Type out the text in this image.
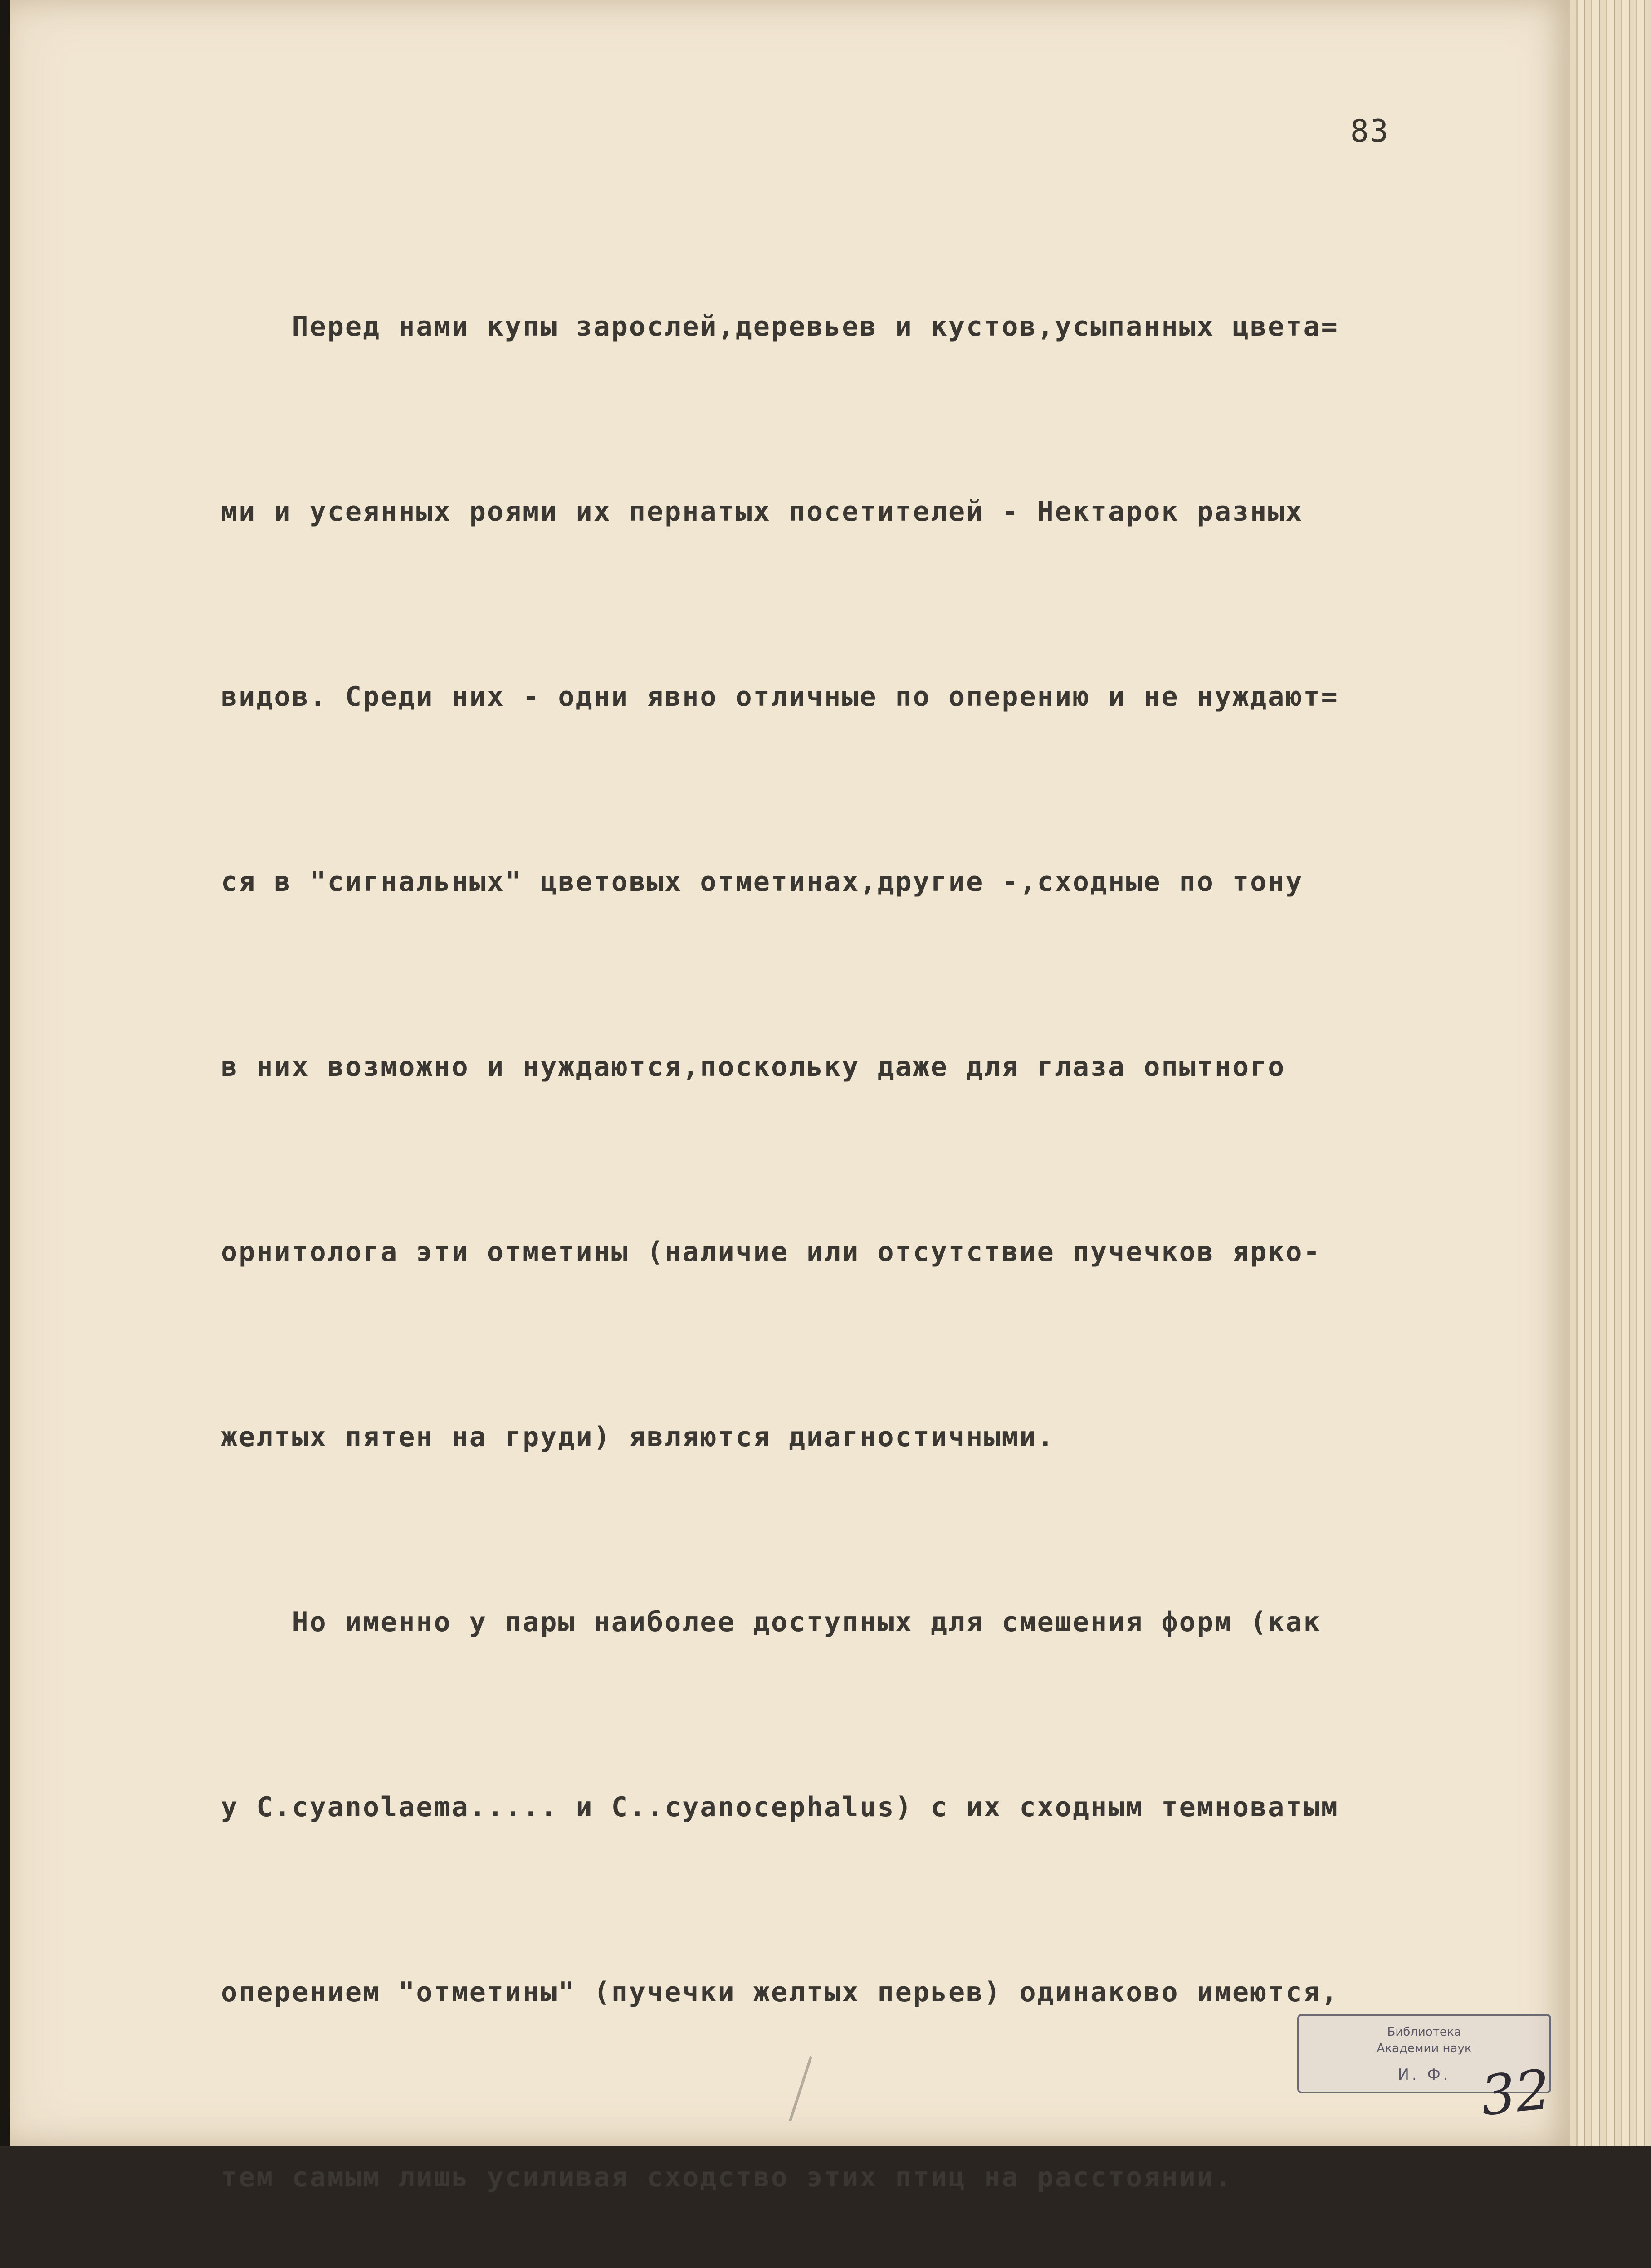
83

Перед нами купы зарослей,деревьев и кустов,усыпанных цвета=

ми и усеянных роями их пернатых посетителей - Нектарок разных

видов. Среди них - одни явно отличные по оперению и не нуждают=

ся в "сигнальных" цветовых отметинах,другие -,сходные по тону

в них возможно и нуждаются,поскольку даже для глаза опытного

орнитолога эти отметины (наличие или отсутствие пучечков ярко-

желтых пятен на груди) являются диагностичными.

Но именно у пары наиболее доступных для смешения форм (как

у C.cyanolaema..... и C..cyanocephalus) с их сходным темноватым

оперением "отметины" (пучечки желтых перьев) одинаково имеются,

тем самым лишь усиливая сходство этих птиц на расстоянии.

Библиотека
Академии наук
И. Ф. 32
